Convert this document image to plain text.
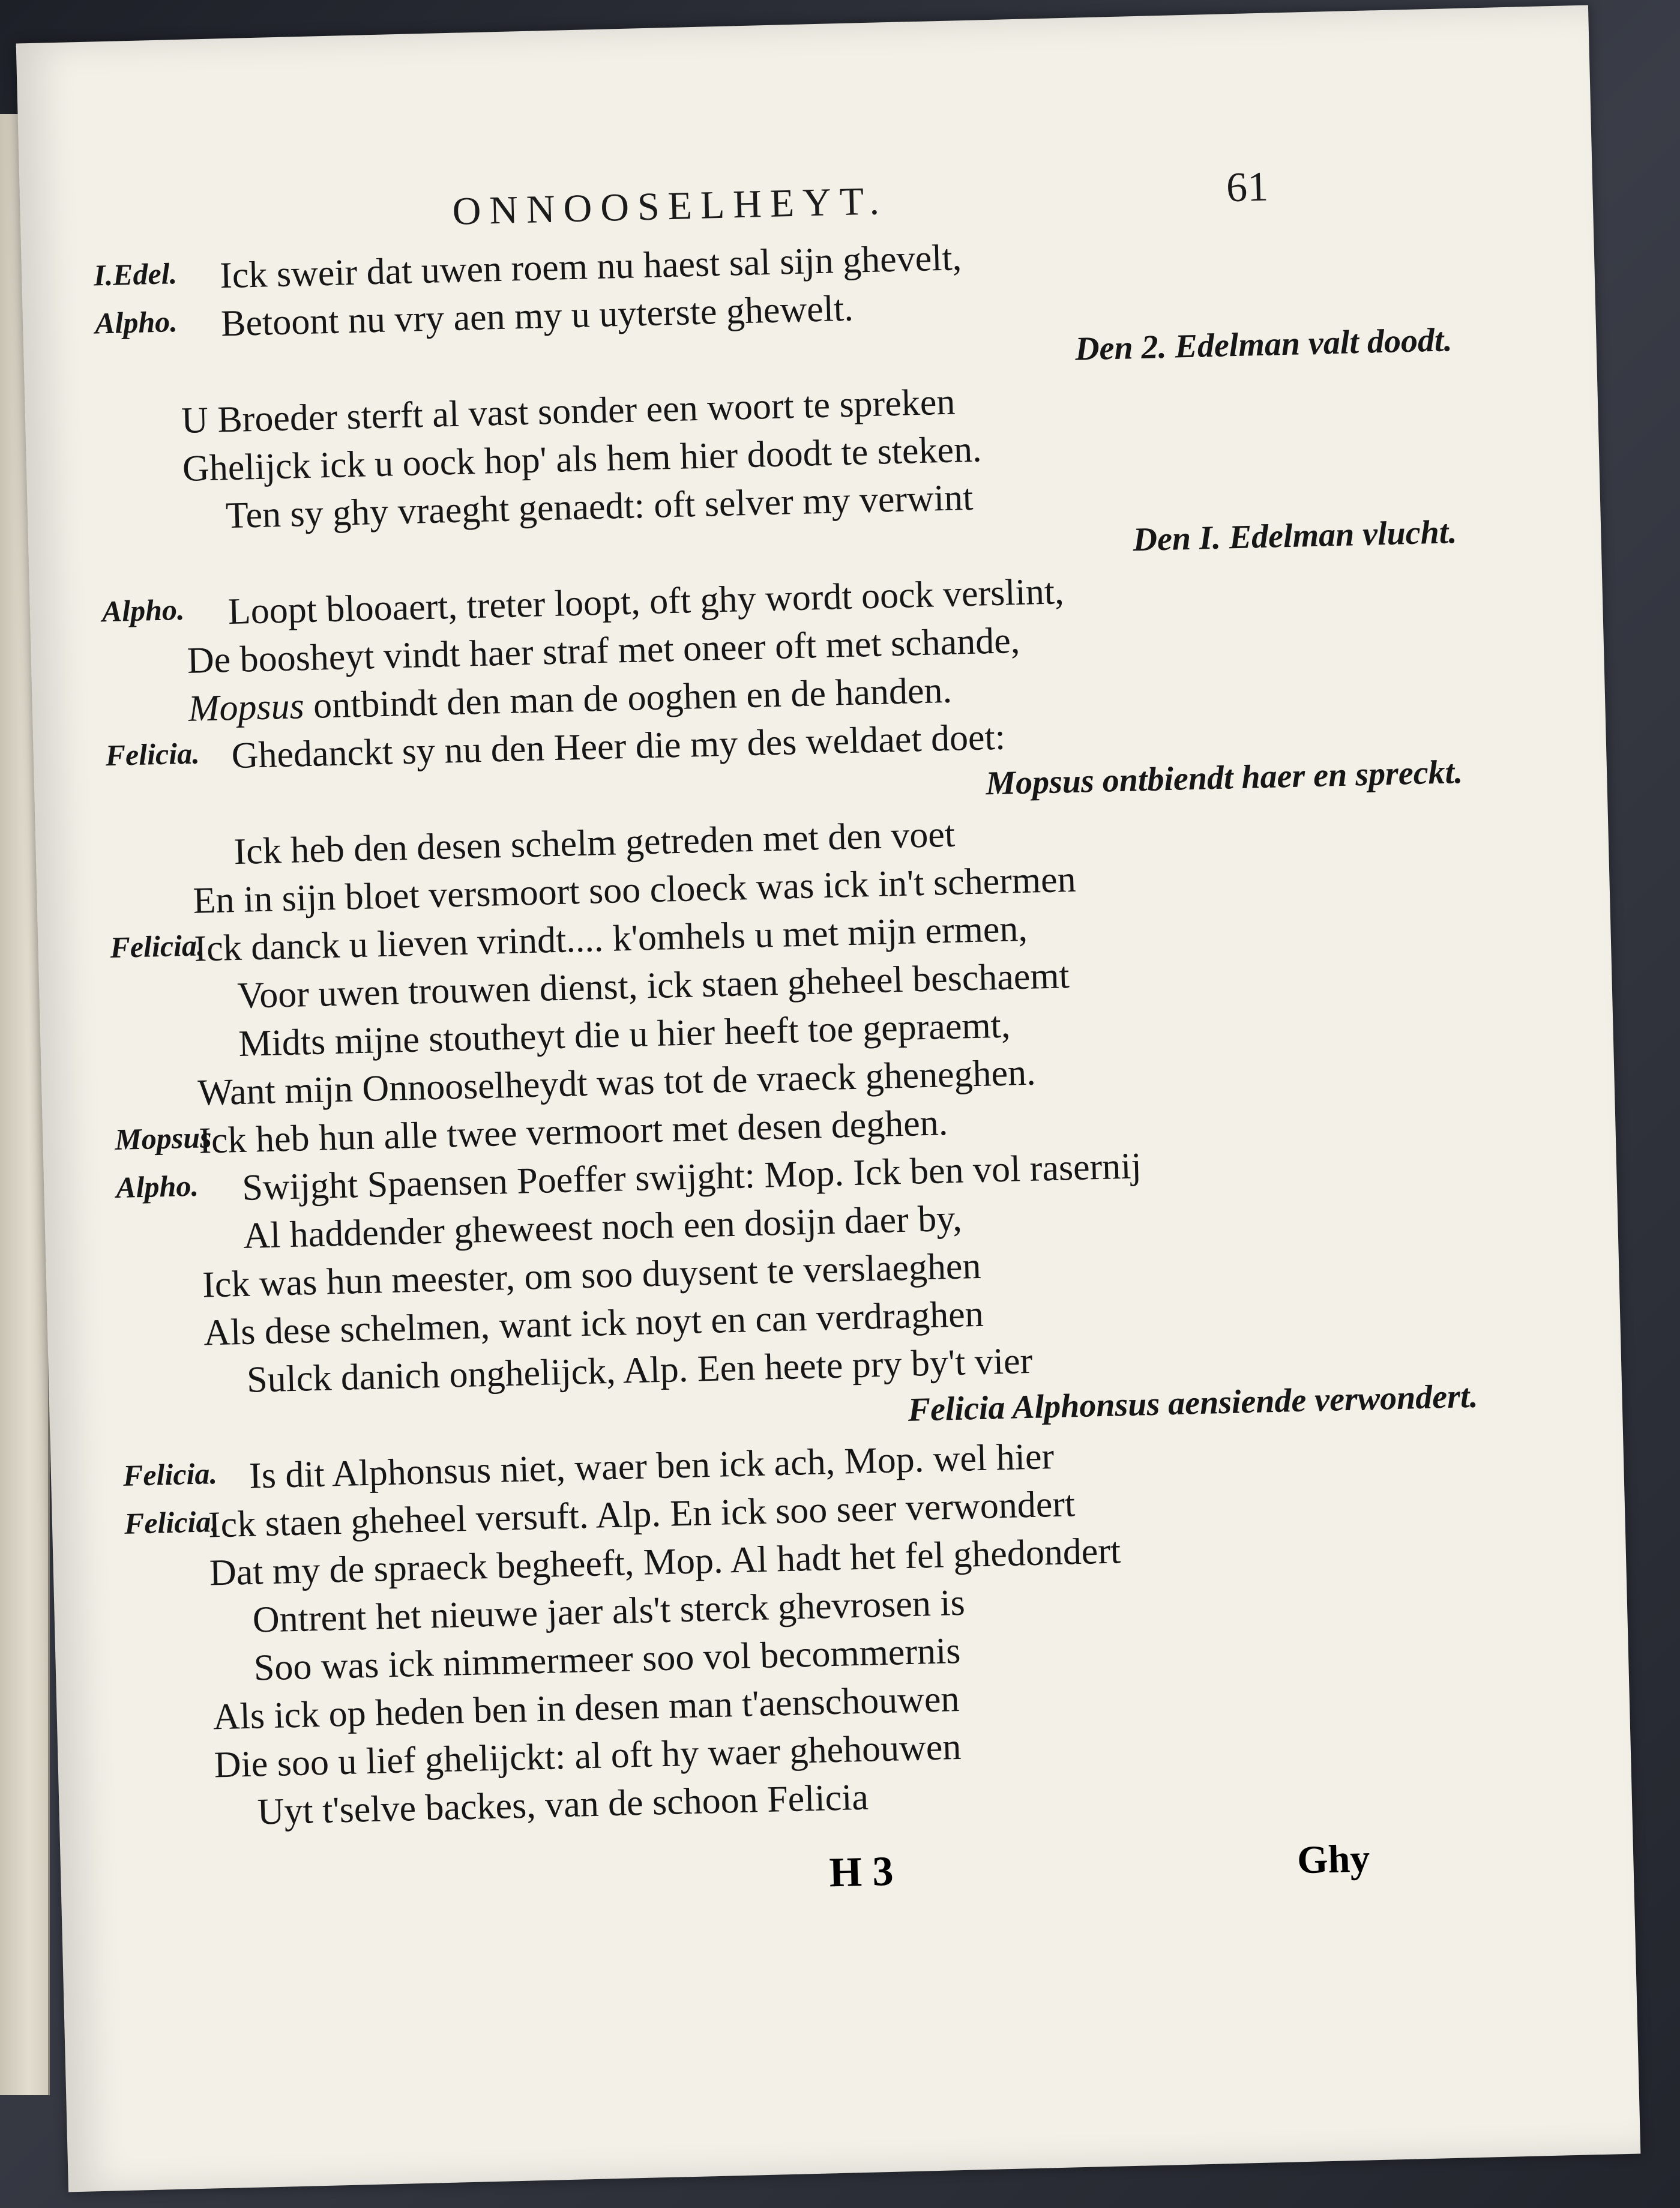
ONNOOSELHEYT.	61
I.Edel. Ick sweir dat uwen roem nu haest sal sijn ghevelt,
Alpho. Betoont nu vry aen my u uyterste ghewelt.
Den 2. Edelman valt doodt.
U Broeder sterft al vast sonder een woort te spreken
Ghelijck ick u oock hop' als hem hier doodt te steken.
Ten sy ghy vraeght genaedt: oft selver my verwint	Den I. Edelman vlucht.
Alpho. Loopt blooaert, treter loopt, oft ghy wordt oock verslint,
De boosheyt vindt haer straf met oneer oft met schande,
Mopsus ontbindt den man de ooghen en de handen.
Felicia. Ghedanckt sy nu den Heer die my des weldaet doet:
Mopsus ontbiendt haer en spreckt.
Ick heb den desen schelm getreden met den voet
En in sijn bloet versmoort soo cloeck was ick in't schermen
Felicia.
Ick danck u lieven vrindt.... k'omhels u met mijn ermen,
Voor uwen trouwen dienst, ick staen gheheel beschaemt
Midts mijne stoutheyt die u hier heeft toe gepraemt,
Want mijn Onnooselheydt was tot de vraeck gheneghen.
Mopsus
Ick heb hun alle twee vermoort met desen deghen.
Alpho. Swijght Spaensen Poeffer swijght: Mop. Ick ben vol rasernij
Al haddender gheweest noch een dosijn daer by,
Ick was hun meester, om soo duysent te verslaeghen
Als dese schelmen, want ick noyt en can verdraghen
Sulck danich onghelijck, Alp. Een heete pry by't vier
Felicia Alphonsus aensiende verwondert.
Felicia. Is dit Alphonsus niet, waer ben ick ach, Mop. wel hier
Felicia.
Ick staen gheheel versuft. Alp. En ick soo seer verwondert
Dat my de spraeck begheeft, Mop. Al hadt het fel ghedondert
Ontrent het nieuwe jaer als't sterck ghevrosen is
Soo was ick nimmermeer soo vol becommernis
Als ick op heden ben in desen man t'aenschouwen
Die soo u lief ghelijckt: al oft hy waer ghehouwen
Uyt t'selve backes, van de schoon Felicia
H 3	Ghy
